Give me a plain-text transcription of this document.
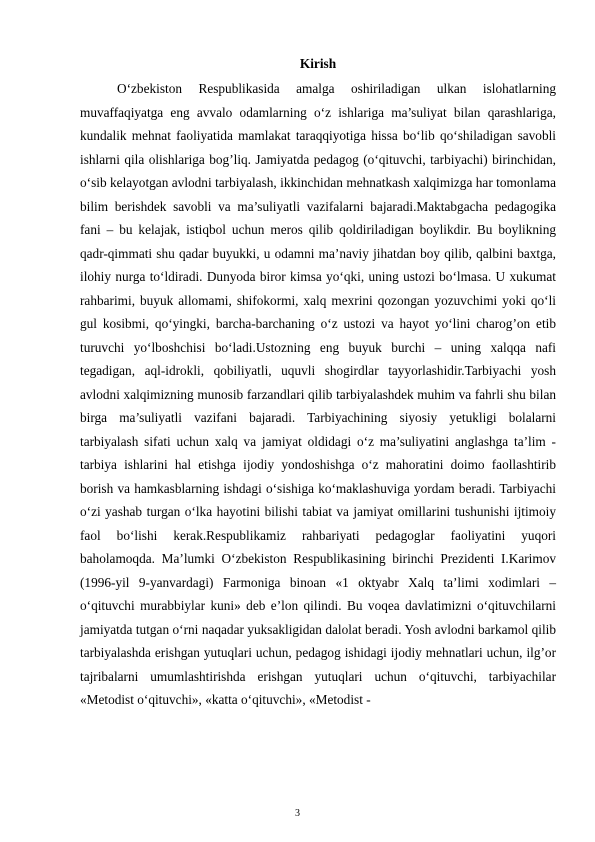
Kirish

O‘zbekiston Respublikasida amalga oshiriladigan ulkan islohatlarning muvaffaqiyatga eng avvalo odamlarning o‘z ishlariga ma’suliyat bilan qarashlariga, kundalik mehnat faoliyatida mamlakat taraqqiyotiga hissa bo‘lib qo‘shiladigan savobli ishlarni qila olishlariga bog’liq. Jamiyatda pedagog (o‘qituvchi, tarbiyachi) birinchidan, o‘sib kelayotgan avlodni tarbiyalash, ikkinchidan mehnatkash xalqimizga har tomonlama bilim berishdek savobli va ma’suliyatli vazifalarni bajaradi.Maktabgacha pedagogika fani – bu kelajak, istiqbol uchun meros qilib qoldiriladigan boylikdir. Bu boylikning qadr-qimmati shu qadar buyukki, u odamni ma’naviy jihatdan boy qilib, qalbini baxtga, ilohiy nurga to‘ldiradi. Dunyoda biror kimsa yo‘qki, uning ustozi bo‘lmasa. U xukumat rahbarimi, buyuk allomami, shifokormi, xalq mexrini qozongan yozuvchimi yoki qo‘li gul kosibmi, qo‘yingki, barcha-barchaning o‘z ustozi va hayot yo‘lini charog’on etib turuvchi yo‘lboshchisi bo‘ladi.Ustozning eng buyuk burchi – uning xalqqa nafi tegadigan, aql-idrokli, qobiliyatli, uquvli shogirdlar tayyorlashidir.Tarbiyachi yosh avlodni xalqimizning munosib farzandlari qilib tarbiyalashdek muhim va fahrli shu bilan birga ma’suliyatli vazifani bajaradi. Tarbiyachining siyosiy yetukligi bolalarni tarbiyalash sifati uchun xalq va jamiyat oldidagi o‘z ma’suliyatini anglashga ta’lim - tarbiya ishlarini hal etishga ijodiy yondoshishga o‘z mahoratini doimo faollashtirib borish va hamkasblarning ishdagi o‘sishiga ko‘maklashuviga yordam beradi. Tarbiyachi o‘zi yashab turgan o‘lka hayotini bilishi tabiat va jamiyat omillarini tushunishi ijtimoiy faol bo‘lishi kerak.Respublikamiz rahbariyati pedagoglar faoliyatini yuqori baholamoqda. Ma’lumki O‘zbekiston Respublikasining birinchi Prezidenti I.Karimov (1996-yil 9-yanvardagi) Farmoniga binoan «1 oktyabr Xalq ta’limi xodimlari – o‘qituvchi murabbiylar kuni» deb e’lon qilindi. Bu voqea davlatimizni o‘qituvchilarni jamiyatda tutgan o‘rni naqadar yuksakligidan dalolat beradi. Yosh avlodni barkamol qilib tarbiyalashda erishgan yutuqlari uchun, pedagog ishidagi ijodiy mehnatlari uchun, ilg’or tajribalarni umumlashtirishda erishgan yutuqlari uchun o‘qituvchi, tarbiyachilar «Metodist o‘qituvchi», «katta o‘qituvchi», «Metodist -

3
